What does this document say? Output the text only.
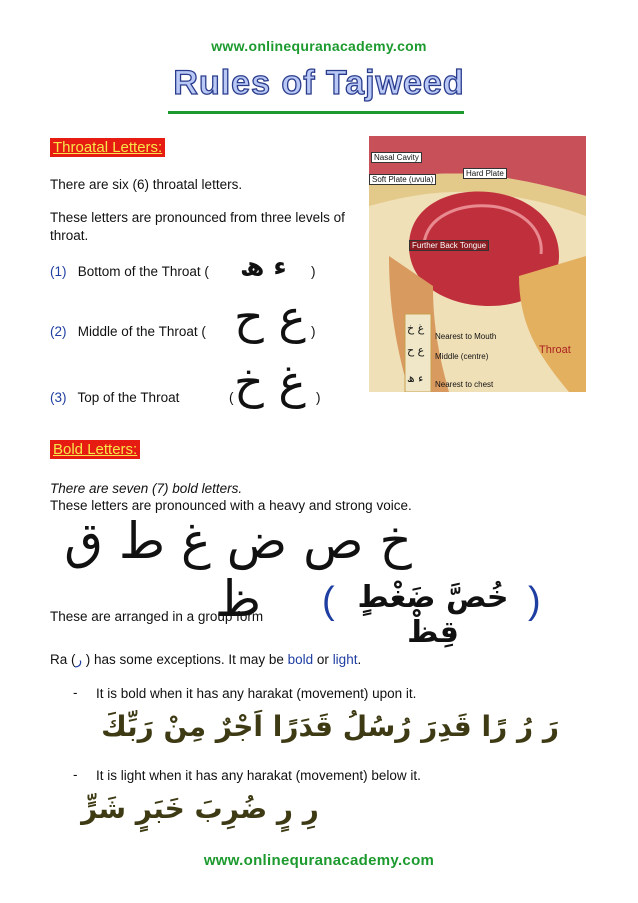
www.onlinequranacademy.com
Rules of Tajweed
Throatal Letters:
There are six (6) throatal letters.
These letters are pronounced from three levels of throat.
(1) Bottom of the Throat ( ء ھ )
(2) Middle of the Throat ( ع ح )
(3) Top of the Throat	( غ خ )
Nasal Cavity
Hard Plate
Soft Plate (uvula)
Further Back Tongue
Nearest to Mouth
Middle (centre)
Nearest to chest
Throat
غ خ
ع ح
ء ھ
Bold Letters:
There are seven (7) bold letters.
These letters are pronounced with a heavy and strong voice.
خ ص ض غ ط ق ظ
These are arranged in a group form ( خُصَّ ضَغْطٍ قِظْ
)
Ra (ر ) has some exceptions. It may be bold or light.
- It is bold when it has any harakat (movement) upon it.
رَ رُ رًا قَدِرَ رُسُلُ قَدَرًا اَجْرٌ مِنْ رَبِّكَ
- It is light when it has any harakat (movement) below it.
رِ رٍ ضُرِبَ خَبَرٍ شَرٍّ
www.onlinequranacademy.com
